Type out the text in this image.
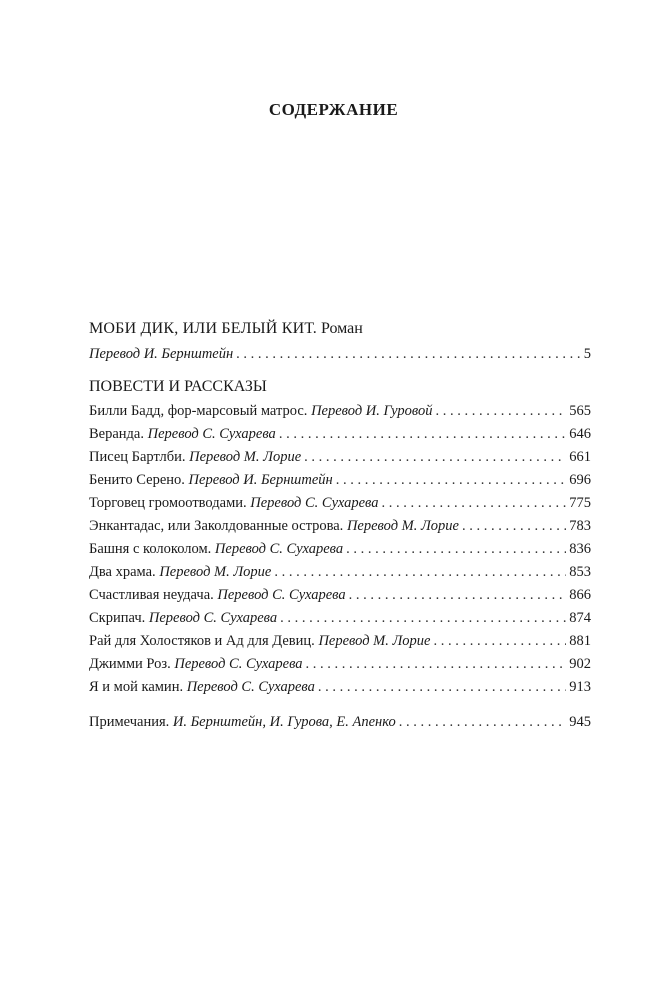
СОДЕРЖАНИЕ
МОБИ ДИК, ИЛИ БЕЛЫЙ КИТ. Роман
Перевод И. Бернштейн . . .	5
ПОВЕСТИ И РАССКАЗЫ
Билли Бадд, фор-марсовый матрос. Перевод И. Гуровой . . .	565
Веранда. Перевод С. Сухарева . . .	646
Писец Бартлби. Перевод М. Лорие . . .	661
Бенито Серено. Перевод И. Бернштейн . . .	696
Торговец громоотводами. Перевод С. Сухарева . . .	775
Энкантадас, или Заколдованные острова. Перевод М. Лорие . . .	783
Башня с колоколом. Перевод С. Сухарева . . .	836
Два храма. Перевод М. Лорие . . .	853
Счастливая неудача. Перевод С. Сухарева . . .	866
Скрипач. Перевод С. Сухарева . . .	874
Рай для Холостяков и Ад для Девиц. Перевод М. Лорие . . .	881
Джимми Роз. Перевод С. Сухарева . . .	902
Я и мой камин. Перевод С. Сухарева . . .	913
Примечания. И. Бернштейн, И. Гурова, Е. Апенко . . .	945
